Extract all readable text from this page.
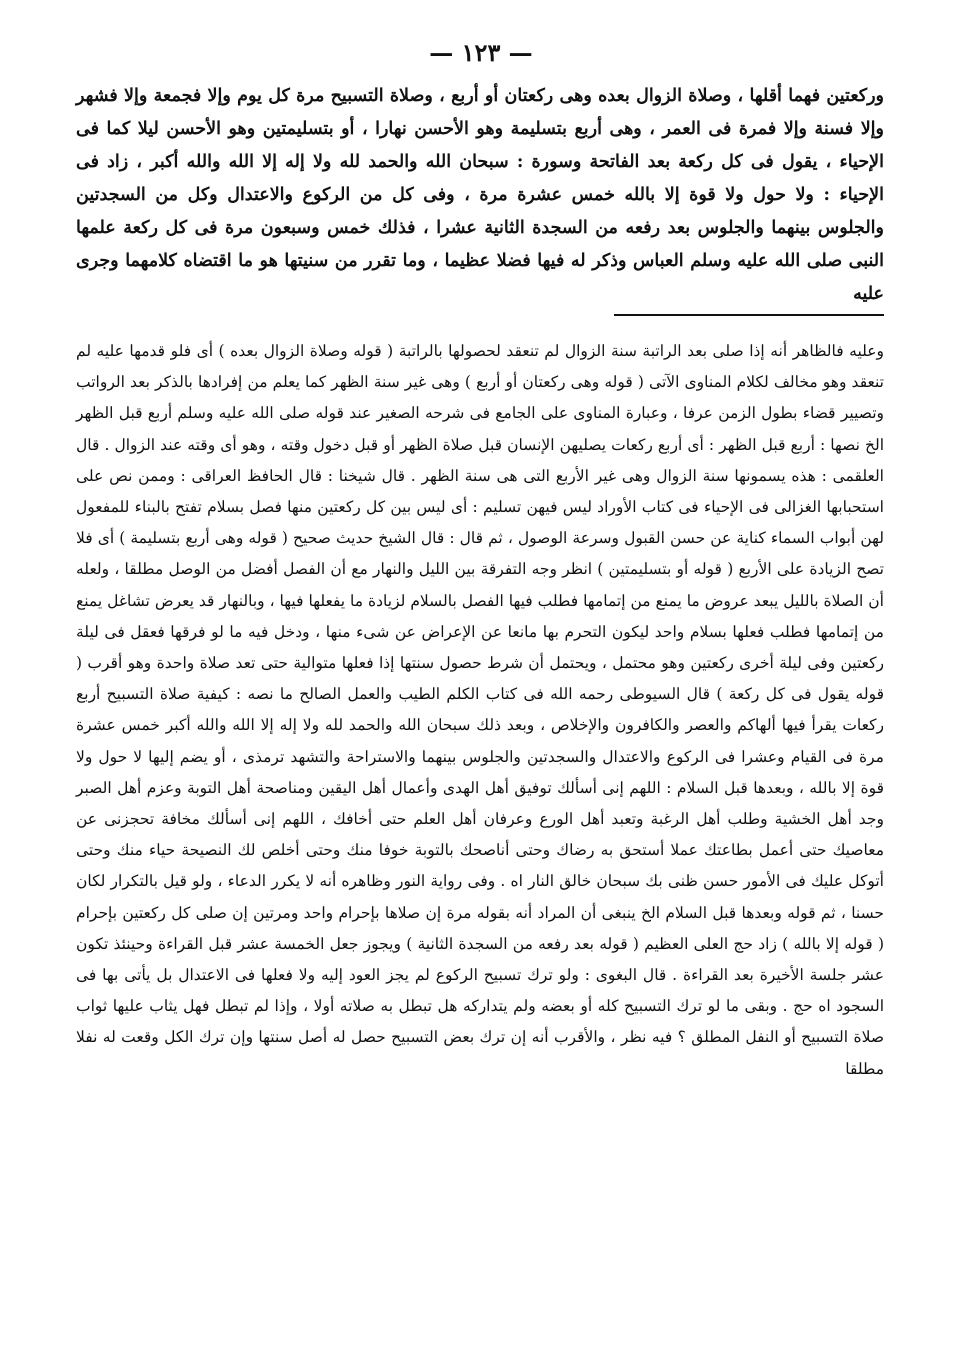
— ١٢٣ —

وركعتين فهما أقلها ، وصلاة الزوال بعده وهى ركعتان أو أربع ، وصلاة التسبيح مرة كل يوم وإلا فجمعة وإلا فشهر وإلا فسنة وإلا فمرة فى العمر ، وهى أربع بتسليمة وهو الأحسن نهارا ، أو بتسليمتين وهو الأحسن ليلا كما فى الإحياء ، يقول فى كل ركعة بعد الفاتحة وسورة : سبحان الله والحمد لله ولا إله إلا الله والله أكبر ، زاد فى الإحياء : ولا حول ولا قوة إلا بالله خمس عشرة مرة ، وفى كل من الركوع والاعتدال وكل من السجدتين والجلوس بينهما والجلوس بعد رفعه من السجدة الثانية عشرا ، فذلك خمس وسبعون مرة فى كل ركعة علمها النبى صلى الله عليه وسلم العباس وذكر له فيها فضلا عظيما ، وما تقرر من سنيتها هو ما اقتضاه كلامهما وجرى عليه

وعليه فالظاهر أنه إذا صلى بعد الراتبة سنة الزوال لم تنعقد لحصولها بالراتبة ( قوله وصلاة الزوال بعده ) أى فلو قدمها عليه لم تنعقد وهو مخالف لكلام المناوى الآتى ( قوله وهى ركعتان أو أربع ) وهى غير سنة الظهر كما يعلم من إفرادها بالذكر بعد الرواتب وتصيير قضاء بطول الزمن عرفا ، وعبارة المناوى على الجامع فى شرحه الصغير عند قوله صلى الله عليه وسلم أربع قبل الظهر الخ نصها : أربع قبل الظهر : أى أربع ركعات يصليهن الإنسان قبل صلاة الظهر أو قبل دخول وقته ، وهو أى وقته عند الزوال . قال العلقمى : هذه يسمونها سنة الزوال وهى غير الأربع التى هى سنة الظهر . قال شيخنا : قال الحافظ العراقى : وممن نص على استحبابها الغزالى فى الإحياء فى كتاب الأوراد ليس فيهن تسليم : أى ليس بين كل ركعتين منها فصل بسلام تفتح بالبناء للمفعول لهن أبواب السماء كناية عن حسن القبول وسرعة الوصول ، ثم قال : قال الشيخ حديث صحيح ( قوله وهى أربع بتسليمة ) أى فلا تصح الزيادة على الأربع ( قوله أو بتسليمتين ) انظر وجه التفرقة بين الليل والنهار مع أن الفصل أفضل من الوصل مطلقا ، ولعله أن الصلاة بالليل يبعد عروض ما يمنع من إتمامها فطلب فيها الفصل بالسلام لزيادة ما يفعلها فيها ، وبالنهار قد يعرض تشاغل يمنع من إتمامها فطلب فعلها بسلام واحد ليكون التحرم بها مانعا عن الإعراض عن شىء منها ، ودخل فيه ما لو فرقها فعقل فى ليلة ركعتين وفى ليلة أخرى ركعتين وهو محتمل ، ويحتمل أن شرط حصول سنتها إذا فعلها متوالية حتى تعد صلاة واحدة وهو أقرب ( قوله يقول فى كل ركعة ) قال السيوطى رحمه الله فى كتاب الكلم الطيب والعمل الصالح ما نصه : كيفية صلاة التسبيح أربع ركعات يقرأ فيها ألهاكم والعصر والكافرون والإخلاص ، وبعد ذلك سبحان الله والحمد لله ولا إله إلا الله والله أكبر خمس عشرة مرة فى القيام وعشرا فى الركوع والاعتدال والسجدتين والجلوس بينهما والاستراحة والتشهد ترمذى ، أو يضم إليها لا حول ولا قوة إلا بالله ، وبعدها قبل السلام : اللهم إنى أسألك توفيق أهل الهدى وأعمال أهل اليقين ومناصحة أهل التوبة وعزم أهل الصبر وجد أهل الخشية وطلب أهل الرغبة وتعبد أهل الورع وعرفان أهل العلم حتى أخافك ، اللهم إنى أسألك مخافة تحجزنى عن معاصيك حتى أعمل بطاعتك عملا أستحق به رضاك وحتى أناصحك بالتوبة خوفا منك وحتى أخلص لك النصيحة حياء منك وحتى أتوكل عليك فى الأمور حسن ظنى بك سبحان خالق النار اه . وفى رواية النور وظاهره أنه لا يكرر الدعاء ، ولو قيل بالتكرار لكان حسنا ، ثم قوله وبعدها قبل السلام الخ ينبغى أن المراد أنه بقوله مرة إن صلاها بإحرام واحد ومرتين إن صلى كل ركعتين بإحرام ( قوله إلا بالله ) زاد حج العلى العظيم ( قوله بعد رفعه من السجدة الثانية ) ويجوز جعل الخمسة عشر قبل القراءة وحينئذ تكون عشر جلسة الأخيرة بعد القراءة . قال البغوى : ولو ترك تسبيح الركوع لم يجز العود إليه ولا فعلها فى الاعتدال بل يأتى بها فى السجود اه حج . وبقى ما لو ترك التسبيح كله أو بعضه ولم يتداركه هل تبطل به صلاته أولا ، وإذا لم تبطل فهل يثاب عليها ثواب صلاة التسبيح أو النفل المطلق ؟ فيه نظر ، والأقرب أنه إن ترك بعض التسبيح حصل له أصل سنتها وإن ترك الكل وقعت له نفلا مطلقا
